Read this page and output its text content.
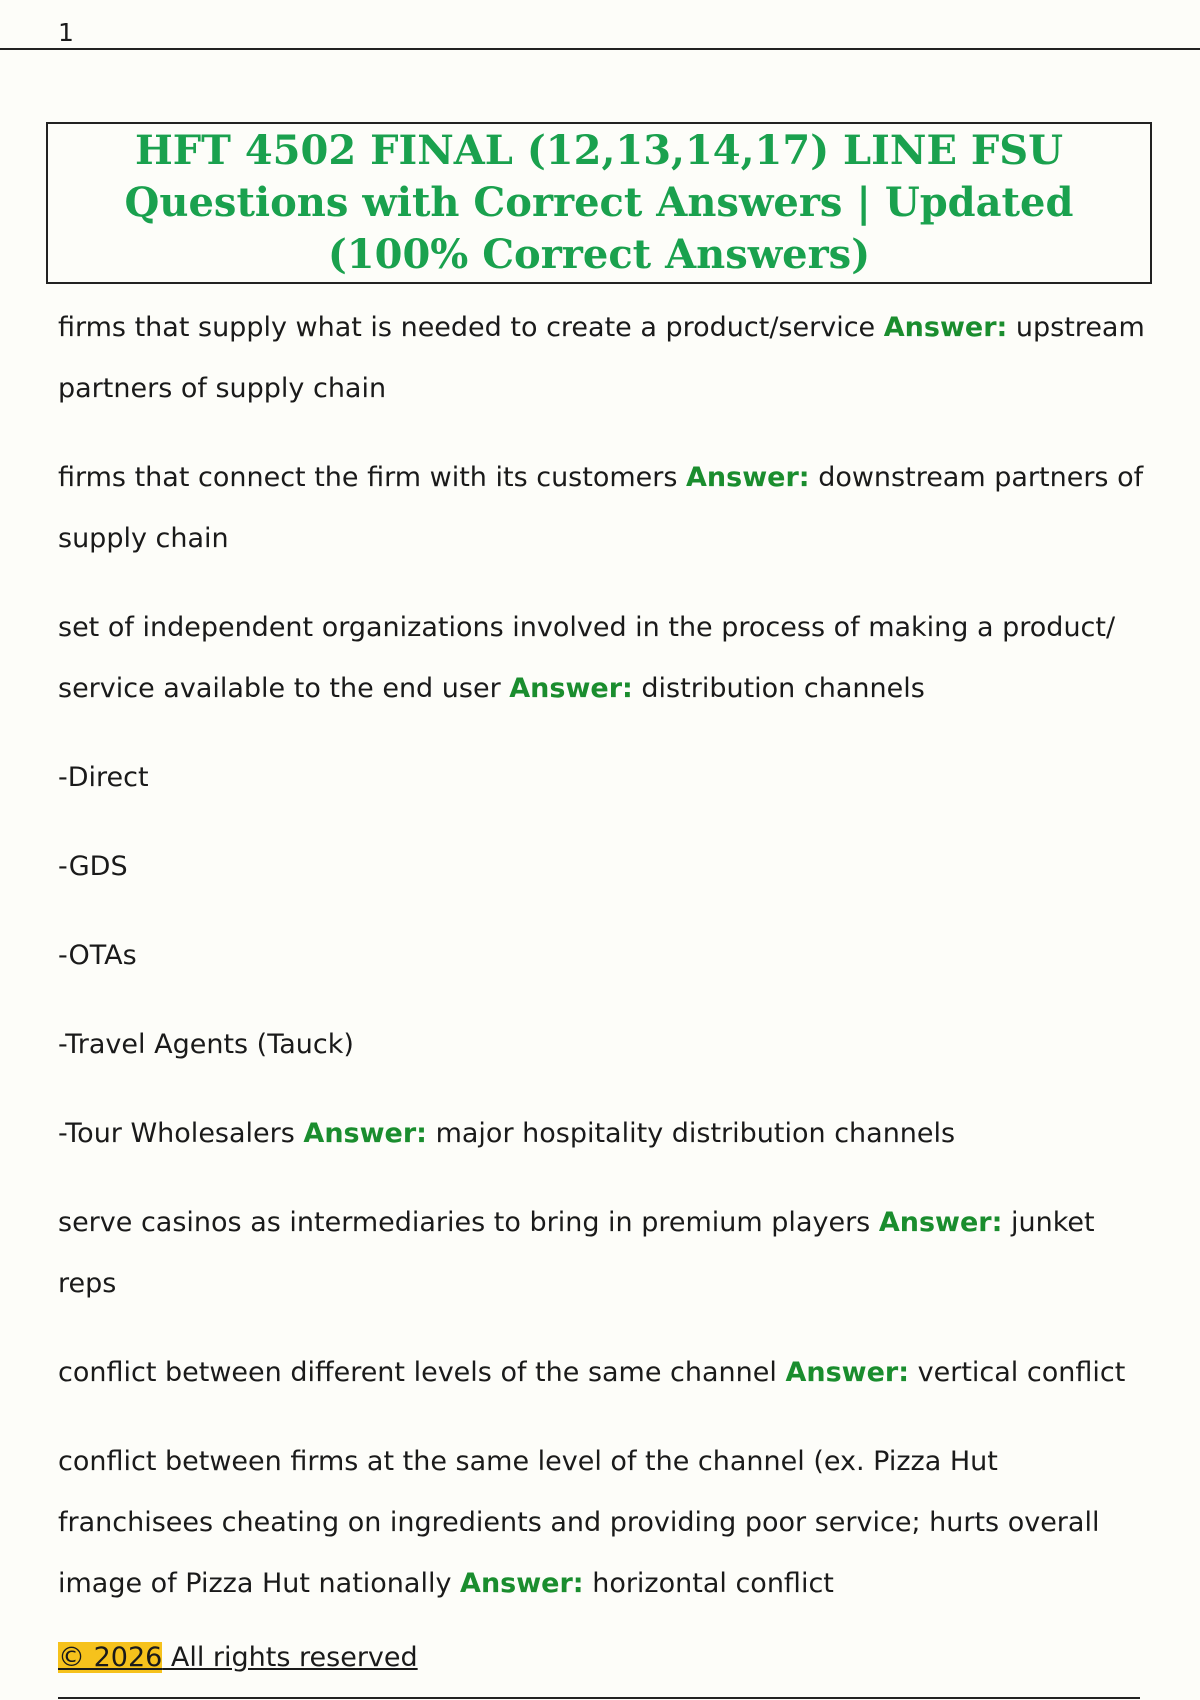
1
HFT 4502 FINAL (12,13,14,17) LINE FSU Questions with Correct Answers | Updated (100% Correct Answers)

firms that supply what is needed to create a product/service Answer: upstream partners of supply chain

firms that connect the firm with its customers Answer: downstream partners of supply chain

set of independent organizations involved in the process of making a product/ service available to the end user Answer: distribution channels

-Direct

-GDS

-OTAs

-Travel Agents (Tauck)

-Tour Wholesalers Answer: major hospitality distribution channels

serve casinos as intermediaries to bring in premium players Answer: junket reps

conflict between different levels of the same channel Answer: vertical conflict

conflict between firms at the same level of the channel (ex. Pizza Hut franchisees cheating on ingredients and providing poor service; hurts overall image of Pizza Hut nationally Answer: horizontal conflict

© 2026 All rights reserved
